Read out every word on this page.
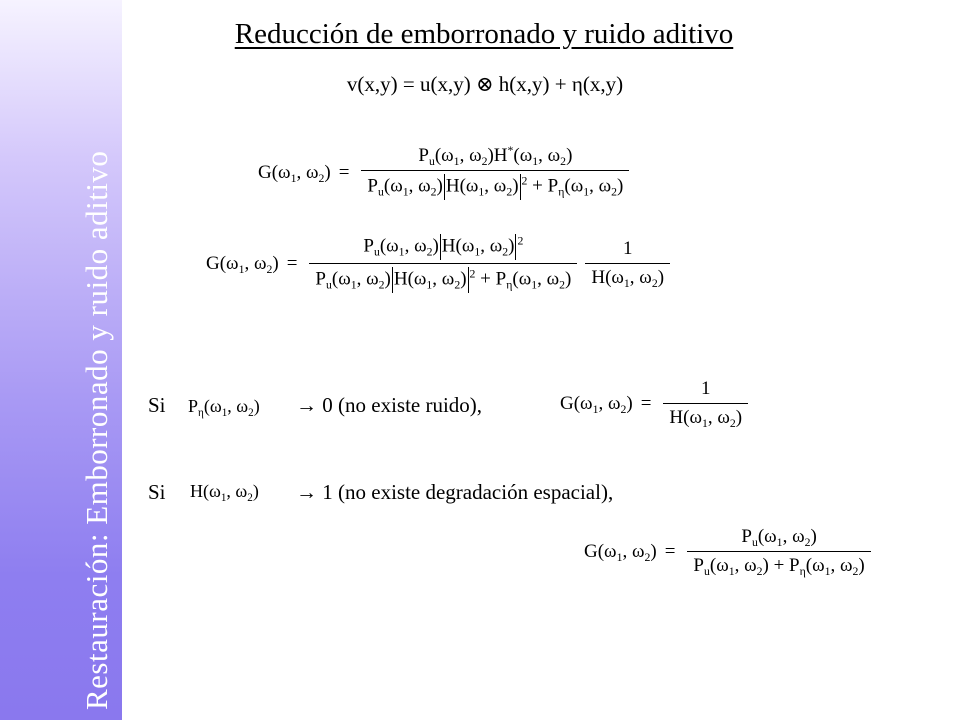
Restauración: Emborronado y ruido aditivo
Reducción de emborronado y ruido aditivo
v(x,y) = u(x,y) ⊗ h(x,y) + η(x,y)
$G(\omega_1$, $\omega_2) = \frac{P_u(\omega_1, \omega_2)H^*(\omega_1, \omega_2)}{P_u(\omega_1, \omega_2) H(\omega_1, \omega_2) ^2 + P_\eta(\omega_1, \omega_2)}$
$G(\omega_1$, $\omega_2) = \frac{P_u(\omega_1, \omega_2) H(\omega_1, \omega_2) ^2}{P_u(\omega_1, \omega_2) H(\omega_1, \omega_2) ^2 + P_\eta(\omega_1, \omega_2)} \frac{1}{H(\omega_1, \omega_2)}$
Si $P_\eta(\omega_1$, $\omega_2) \to 0$ (no existe ruido),	$G(\omega_1$, $\omega_2) = \frac{1}{H(\omega_1, \omega_2)}$
Si $H(\omega_1$, $\omega_2) \to 1$ (no existe degradación espacial),
$G(\omega_1$, $\omega_2) = \frac{P_u(\omega_1, \omega_2)}{P_u(\omega_1, \omega_2) + P_\eta(\omega_1, \omega_2)}$
